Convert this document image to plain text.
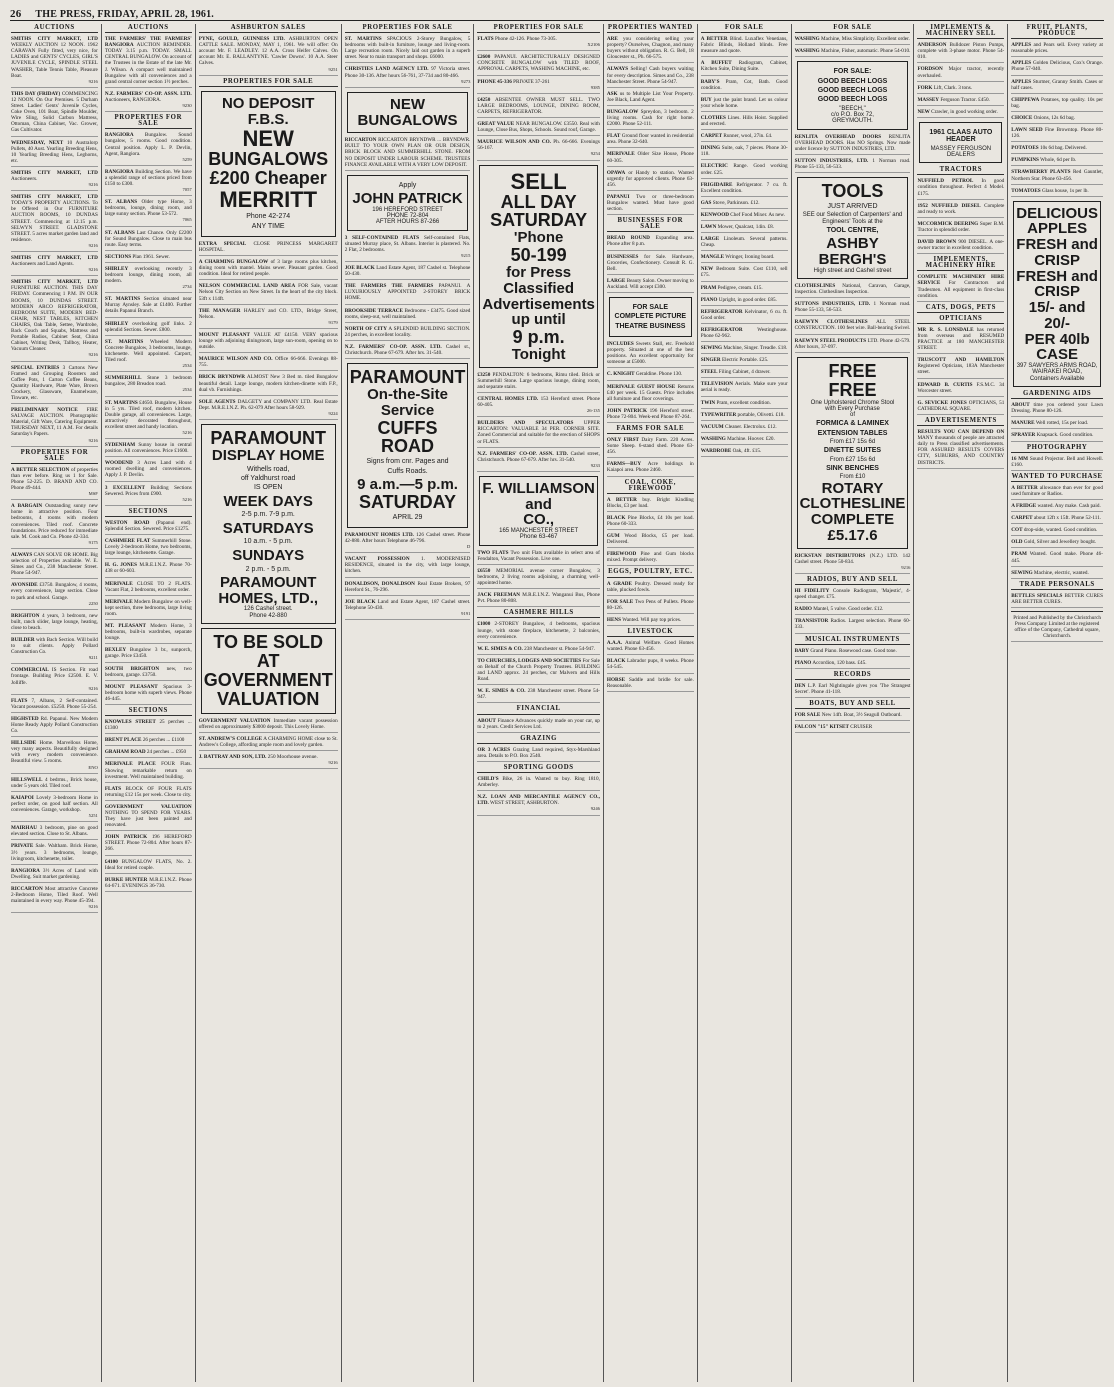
26 THE PRESS, FRIDAY, APRIL 28, 1961.
AUCTIONS
SMITHS CITY MARKET, LTD WEEKLY AUCTION 12 NOON. 1962 CARAVAN Fully fitted, very nice, for LADIES and GENTS' CYCLES, GIRL'S JUVENILE CYCLE, SPINDLE STEEL WASHER, Table Tennis Table, Pleasure Boat.
9216
THIS DAY (FRIDAY) COMMENCING 12 NOON. On Our Premises. 5 Durham Street. Ladies' Gents' Juvenile Cycles, Coke Oven, 101 Boat, Spindle Moulder, Wire Sling, Solid Carbon Mattress, Ottoman, China Cabinet, Vac. Grower, Gas Cultivator.
WEDNESDAY, NEXT 10 Australorp Pullets, 40 Aust. Yearling Breeding Hens, 10 Yearling Breeding Hens, Leghorns, etc.
SMITHS CITY MARKET, LTD Auctioneers.
9216
SMITHS CITY MARKET, LTD TODAY'S PROPERTY AUCTIONS. To be Offered in Our FURNITURE AUCTION ROOMS, 10 DUNDAS STREET. Commencing at 12.15 p.m. SELWYN STREET. GLADSTONE STREET. 5 acres market garden land and residence.
9216
SMITHS CITY MARKET, LTD Auctioneers and Land Agents.
9216
SMITHS CITY MARKET, LTD FURNITURE AUCTION. THIS DAY FRIDAY. Commencing 1 P.M. IN OUR ROOMS, 10 DUNDAS STREET. MODERN ARCO REFRIGERATOR, BEDROOM SUITE, MODERN BED-CHAIR, NEST TABLES, KITCHEN CHAIRS, Oak Table, Settee, Wardrobe, Back Couch and Squabs, Mattress and Portable Radios, Cabinet Seat, China Cabinet, Writing Desk, Tallboy, Heater, Vacuum Cleaner.
9216
SPECIAL ENTRIES 3 Cartons New Framed and Grouping Roosters and Coffee Pots, 1 Carton Coffee Beans, Quantity Hardware, Plate Ware, Brown Crockery, Glassware, Enamelware, Tinware, etc.
PRELIMINARY NOTICE FIRE SALVAGE AUCTION. Photographic Material, Gift Ware, Catering Equipment. THURSDAY NEXT, 11 A.M. For details Saturday's Papers.
9216
PROPERTIES FOR SALE
A BETTER SELECTION of properties than ever before. Ring us 1 for Sale. Phone 52-225. D. BRAND AND CO. Phone 49-444.
MSF
A BARGAIN Outstanding sunny new home in attractive position. Four bedrooms, 4 rooms with modern conveniences. Tiled roof. Concrete foundations. Price reduced for immediate sale. M. Cook and Co. Phone 42-334.
9175
ALWAYS CAN SOLVE OR HOME. Big selection of Properties available. W. E. Simes and Co., 238 Manchester Street. Phone 54-947.
AVONSIDE £3750. Bungalow, 4 rooms, every convenience, large section. Close to park and school. Garage.
2250
BRIGHTON 4 years, 3 bedroom, new built, ranch slider, large lounge, heating, close to beach.
BUILDER with Bach Section. Will build to suit clients. Apply Pollard Construction Co.
9211
COMMERCIAL IS Section. Fit road frontage. Building Price £2500. E. V. Jolliffe.
9216
FLATS 7, Albans, 2 Self-contained. Vacant possession. £5250. Phone 55-254.
HIGHSTED Rd. Papanui. New Modern Home Ready Apply Pollard Construction Co.
HILLSIDE Home. Marvellous Home, very many aspects. Beautifully designed with every modern convenience. Beautiful view. 5 rooms.
ENO
HILLSWELL 4 bedrms., Brick house, under 5 years old. Tiled roof.
KAIAPOI Lovely 3-bedroom Home in perfect order, on good half section. All conveniences. Garage, workshop.
5251
MAIRHAU 3 bedroom, pine on good elevated section. Close to St. Albans.
PRIVATE Sale. Waltham. Brick Home, 3½ years. 3 bedrooms, lounge, livingroom, kitchenette, toilet.
RANGIORA 3½ Acres of Land with Dwelling. Suit market gardening.
RICCARTON Most attractive Concrete 2-Bedroom Home, Tiled Roof. Well maintained in every way. Phone 45-394.
9216
AUCTIONS
THE FARMERS' THE FARMERS' RANGIORA AUCTION REMINDER. TODAY 3.15 p.m. TODAY. SMALL CENTRAL BUNGALOW. On account of the Trustees in the Estate of the late Mr. J. Wilson. A compact well maintained Bungalow with all conveniences and a grand central corner section 1½ perches.
N.Z. FARMERS' CO-OP. ASSN. LTD. Auctioneers, RANGIORA.
9230
PROPERTIES FOR SALE
RANGIORA Bungalow. Sound bungalow, 5 rooms. Good condition. Central position. Apply L. P. Devlin, Agent, Rangiora.
5259
RANGIORA Building Section. We have a splendid range of sections priced from £150 to £300.
7057
ST. ALBANS Older type Home, 3 bedrooms, lounge, dining room, and large sunny section. Phone 53-572.
7065
ST. ALBANS Last Chance. Only £2200 for Sound Bungalow. Close to main bus route. Easy terms.
SECTIONS Plan 1961. Sewer.
SHIRLEY overlooking recently 3 bedroom lounge, dining room, all modern.
2734
ST. MARTINS Section situated near Murray Aynsley. Sale at £1400. Further details Papanui Branch.
SHIRLEY overlooking golf links. 2 splendid Sections. Sewer. £800.
ST. MARTINS Wheeled Modern Concrete Bungalow, 3 bedrooms, lounge, kitchenette. Well appointed. Carport, Tiled roof.
2534
SUMMERHILL Stone 3 bedroom bungalow, 280 Breadon road.
2534
ST. MARTINS £4650. Bungalow, House in 5 yrs. Tiled roof, modern kitchen. Double garage, all conveniences. Large, attractively decorated throughout, excellent street and handy location.
5216
SYDENHAM Sunny house in central position. All conveniences. Price £1600.
WOODEND 3 Acres Land with 4 roomed dwelling and conveniences. Apply J. P. Devlin.
3 EXCELLENT Building Sections Sewered. Prices from £900.
5216
SECTIONS
WESTON ROAD (Papanui end). Splendid Section. Sewered. Price £1275.
CASHMERE FLAT Summerhill Stone. Lovely 2-bedroom Home, two bedrooms, large lounge, kitchenette. Garage.
H. G. JONES M.R.E.I.N.Z. Phone 70-438 or 60-603.
MERIVALE CLOSE TO 2 FLATS. Vacant Flat, 2 bedrooms, excellent order.
MERIVALE Modern Bungalow on well-kept section, three bedrooms, large living room.
MT. PLEASANT Modern Home, 3 bedrooms, built-in wardrobes, separate lounge.
BEXLEY Bungalow 3 br., sunporch, garage. Price £3450.
SOUTH BRIGHTON new, two bedroom, garage. £3750.
MOUNT PLEASANT Spacious 3-bedroom home with superb views. Phone 46-445.
SECTIONS
KNOWLES STREET 25 perches ... £1300
BRENT PLACE 26 perches ... £1100
GRAHAM ROAD 24 perches ... £950
MERIVALE PLACE FOUR Flats. Showing remarkable return on investment. Well maintained building.
FLATS BLOCK OF FOUR FLATS returning £12 15s per week. Close to city.
GOVERNMENT VALUATION NOTHING TO SPEND FOR YEARS. They have just been painted and renovated.
JOHN PATRICK 196 HEREFORD STREET. Phone 72-804. After hours 87-266.
£4100 BUNGALOW FLATS, No. 2. Ideal for retired couple.
BURKE HUNTER M.R.E.I.N.Z. Phone 64-671. EVENINGS 36-730.
ASHBURTON SALES
PYNE, GOULD, GUINNESS LTD. ASHBURTON OPEN CATTLE SALE. MONDAY, MAY 1, 1961. We will offer: On account Mr. F. LEADLEY. 12 A.A. Cross Heifer Calves. On account Mr. E. BALLANTYNE. 'Cawler Downs'. 10 A.A. Steer Calves.
9251
PROPERTIES FOR SALE
NO DEPOSIT F.B.S.
NEW
BUNGALOWS
£200 Cheaper
MERRITT
Phone 42-274
ANY TIME
EXTRA SPECIAL CLOSE PRINCESS MARGARET HOSPITAL.
A CHARMING BUNGALOW of 3 large rooms plus kitchen, dining room with mantel. Mains sewer. Pleasant garden. Good condition. Ideal for retired people.
NELSON COMMERCIAL LAND AREA FOR Sale, vacant Nelson City Section on New Street. In the heart of the city block. 53ft x 114ft.
THE MANAGER HARLEY and CO. LTD., Bridge Street, Nelson.
9179
MOUNT PLEASANT VALUE AT £4150. VERY spacious lounge with adjoining diningroom, large sun-room, opening on to outside.
MAURICE WILSON AND CO. Office 66-666. Evenings 88-755.
BRICK BRYNDWR ALMOST New 3 Bed m. tiled Bungalow beautiful detail. Large lounge, modern kitchen-dinette with F.P., dual vb. Furnishings.
SOLE AGENTS DALGETY and COMPANY LTD. Real Estate Dept. M.R.E.I.N.Z. Ph. 62-079 After hours 58-929.
9224
PARAMOUNT
DISPLAY HOME
Withells road,
off Yaldhurst road
IS OPEN
WEEK DAYS
2-5 p.m. 7-9 p.m.
SATURDAYS
10 a.m. - 5 p.m.
SUNDAYS
2 p.m. - 5 p.m.
PARAMOUNT
HOMES, LTD.,
126 Cashel street.
Phone 42-880
TO BE SOLD
AT
GOVERNMENT
VALUATION
GOVERNMENT VALUATION Immediate vacant possession offered on approximately $3000 deposit. This Lovely Home.
ST. ANDREW'S COLLEGE A CHARMING HOME close to St. Andrew's College, affording ample room and lovely garden.
J. BATTRAY AND SON, LTD. 250 Moorhouse avenue.
9216
PROPERTIES FOR SALE
ST. MARTINS SPACIOUS 2-Storey Bungalow, 5 bedrooms with built-in furniture, lounge and living-room. Large recreation room. Nicely laid out garden in a superb street. Near to main transport and shops. £6000.
CHRISTIES LAND AGENCY LTD. 97 Victoria street. Phone 30-136. After hours 56-761, 37-734 and 80-466.
9273
NEW BUNGALOWS
RICCARTON RICCARTON BRYNDWR ... BRYNDWR. BUILT TO YOUR OWN PLAN OR OUR DESIGN, BRICK BLOCK AND SUMMERHILL STONE. FROM NO DEPOSIT UNDER LABOUR SCHEME. TRUSTEES FINANCE AVAILABLE WITH A VERY LOW DEPOSIT.
Apply
JOHN PATRICK
196 HEREFORD STREET
PHONE 72-804
AFTER HOURS 87-266
3 SELF-CONTAINED FLATS Self-contained Flats, situated Murray place, St. Albans. Interior is plastered. No. 2 Flat, 2 bedrooms.
9215
JOE BLACK Land Estate Agent, 187 Cashel st. Telephone 50-430.
THE FARMERS THE FARMERS PAPANUI. A LUXURIOUSLY APPOINTED 2-STOREY BRICK HOME.
BROOKSIDE TERRACE Bedrooms - £3475. Good sized rooms, sleep-out, well maintained.
NORTH OF CITY A SPLENDID BUILDING SECTION. 24 perches, in excellent locality.
N.Z. FARMERS' CO-OP. ASSN. LTD. Cashel st., Christchurch. Phone 67-679. After hrs. 31-540.
PARAMOUNT
On-the-Site
Service
CUFFS ROAD
Signs from cnr. Pages and
Cuffs Roads.
9 a.m.—5 p.m.
SATURDAY
APRIL 29
PARAMOUNT HOMES LTD. 126 Cashel street. Phone 42-880. After hours Telephone 46-796.
D
VACANT POSSESSION 1. MODERNISED RESIDENCE, situated in the city, with large lounge, kitchen.
DONALDSON, DONALDSON Real Estate Brokers, 97 Hereford St., 76-296.
JOE BLACK Land and Estate Agent, 187 Cashel street. Telephone 50-430.
9191
PROPERTIES FOR SALE
FLATS Phone 42-126. Phone 73-305.
X2106
£2600 PAPANUI. ARCHITECTURALLY DESIGNED CONCRETE BUNGALOW with TILED ROOF, APPROVAL CARPETS, WASHING MACHINE, etc.
PHONE 45-336 PRIVATE 37-261
9385
£4250 ABSENTEE OWNER MUST SELL. TWO LARGE BEDROOMS, LOUNGE, DINING ROOM, CARPETS, REFRIGERATOR.
GREAT VALUE NEAR BUNGALOW. £3550. Real with Lounge, Close Bus, Shops, Schools. Sound roof, Garage.
MAURICE WILSON AND CO. Ph. 66-666. Evenings 56-167.
9254
SELL
ALL DAY
SATURDAY
'Phone
50-199
for Press
Classified
Advertisements
up until
9 p.m.
Tonight
£3250 PENDALTON: 6 bedrooms, Rimu tiled. Brick or Summerhill Stone. Large spacious lounge, dining room, and separate stairs.
CENTRAL HOMES LTD. 153 Hereford street. Phone 60-405.
26-135
BUILDERS AND SPECULATORS UPPER RICCARTON: VALUABLE 34 PER. CORNER SITE. Zoned Commercial and suitable for the erection of SHOPS or FLATS.
N.Z. FARMERS' CO-OP. ASSN. LTD. Cashel street, Christchurch. Phone 67-679. After hrs. 31-540.
9233
F. WILLIAMSON and
CO.,
165 MANCHESTER STREET
Phone 63-467
TWO FLATS Two unit Flats available in select area of Fendalton, Vacant Possession. Live one.
£6550 MEMORIAL avenue corner Bungalow, 3 bedrooms, 2 living rooms adjoining, a charming well-appointed home.
JACK FREEMAN M.R.E.I.N.Z. Wanganui Bus, Phone Pvt. Phone 80-808.
CASHMERE HILLS
£1000 2-STOREY Bungalow, 4 bedrooms, spacious lounge, with stone fireplace, kitchenette, 2 balconies, every convenience.
W. E. SIMES & CO. 238 Manchester st. Phone 54-947.
TO CHURCHES, LODGES AND SOCIETIES For Sale on Behalf of the Church Property Trustees. BUILDING and LAND approx. 24 perches, cnr Malvern and Hills Road.
W. E. SIMES & CO. 238 Manchester street. Phone 54-947.
FINANCIAL
ABOUT Finance Advances quickly made on your car, up to 2 years. Credit Services Ltd.
GRAZING
OR 3 ACRES Grazing Land required, Styx-Marshland area. Details to P.O. Box 2540.
SPORTING GOODS
CHILD'S Bike, 26 in. Wanted to buy. Ring 1810, Amberley.
N.Z. LOAN AND MERCANTILE AGENCY CO., LTD. WEST STREET, ASHBURTON.
9246
PROPERTIES WANTED
ARE you considering selling your property? Ourselves, Chagnon, and many buyers without obligation. R. G. Bell, 18 Gloucester st., Ph. 66-575.
ALWAYS Selling! Cash buyers waiting for every description. Simes and Co., 238 Manchester Street. Phone 54-947.
ASK us to Multiple List Your Property. Joe Black, Land Agent.
BUNGALOW Spreydon, 3 bedroom. 2 living rooms. Cash for right home. £2000. Phone 52-111.
FLAT Ground floor wanted in residential area. Phone 32-640.
MERIVALE Older Size House, Phone 60-305.
OPAWA or Handy to station. Wanted urgently for approved clients. Phone 63-456.
PAPANUI Two or three-bedroom Bungalow wanted. Must have good section.
BUSINESSES FOR SALE
BREAD ROUND Expanding area. Phone after 8 p.m.
BUSINESSES for Sale. Hardware, Groceries, Confectionery. Consult R. G. Bell.
LARGE Beauty Salon. Owner moving to Auckland. Will accept £300.
FOR SALE
COMPLETE PICTURE
THEATRE BUSINESS
INCLUDES Sweets Stall, etc. Freehold property. Situated at one of the best positions. An excellent opportunity for someone at £5000.
C. KNIGHT Geraldine. Phone 130.
MERIVALE GUEST HOUSE Returns £40 per week. 15 Guests. Price includes all furniture and floor coverings.
JOHN PATRICK 196 Hereford street. Phone 72-804. Week-end Phone 87-264.
FARMS FOR SALE
ONLY FIRST Dairy Farm. 220 Acres. Some Sheep. 6-stand shed. Phone 63-456.
FARMS—BUY Acre holdings in Kaiapoi area. Phone 2460.
COAL, COKE, FIREWOOD
A BETTER buy. Bright Kindling Blocks, £3 per load.
BLACK Pine Blocks, £4 10s per load. Phone 60-333.
GUM Wood Blocks, £5 per load. Delivered.
FIREWOOD Pine and Gum blocks mixed. Prompt delivery.
EGGS, POULTRY, ETC.
A GRADE Poultry. Dressed ready for table, plucked fowls.
FOR SALE Two Pens of Pullets. Phone 80-126.
HENS Wanted. Will pay top prices.
LIVESTOCK
A.A.A. Animal Welfare. Good Homes wanted. Phone 63-456.
BLACK Labrador pups, 8 weeks. Phone 54-545.
HORSE Saddle and bridle for sale. Reasonable.
FOR SALE
A BETTER Blind. Luxaflex Venetians, Fabric Blinds, Holland blinds. Free measure and quote.
A BUFFET Radiogram, Cabinet, Kitchen Suite, Dining Suite.
BABY'S Pram, Cot, Bath. Good condition.
BUY just the paint brand. Let us colour your whole home.
CLOTHES Lines. Hills Hoist. Supplied and erected.
CARPET Runner, wool, 27in. £4.
DINING Suite, oak, 7 pieces. Phone 30-118.
ELECTRIC Range. Good working order. £25.
FRIGIDAIRE Refrigerator. 7 cu. ft. Excellent condition.
GAS Stove, Parkinson. £12.
KENWOOD Chef Food Mixer. As new.
LAWN Mower, Qualcast, 14in. £8.
LARGE Linoleum. Several patterns. Cheap.
MANGLE Wringer, Ironing board.
NEW Bedroom Suite. Cost £110, sell £75.
PRAM Pedigree, cream. £15.
PIANO Upright, in good order. £85.
REFRIGERATOR Kelvinator, 6 cu. ft. Good order.
REFRIGERATOR Westinghouse. Phone 62-962.
SEWING Machine, Singer. Treadle. £18.
SINGER Electric Portable. £25.
STEEL Filing Cabinet, 4 drawer.
TELEVISION Aerials. Make sure your aerial is ready.
TWIN Pram, excellent condition.
TYPEWRITER portable, Olivetti. £18.
VACUUM Cleaner. Electrolux. £12.
WASHING Machine. Hoover. £20.
WARDROBE Oak, 4ft. £15.
FOR SALE
WASHING Machine, Miss Simplicity. Excellent order.
WASHING Machine, Fisher, automatic. Phone 54-010.
FOR SALE:
GOOD BEECH LOGS
GOOD BEECH LOGS
GOOD BEECH LOGS
"BEECH,"
c/o P.O. Box 72,
GREYMOUTH.
RENLITA OVERHEAD DOORS RENLITA OVERHEAD DOORS. Has NO Springs. Now made under licence by SUTTON INDUSTRIES, LTD.
SUTTON INDUSTRIES, LTD. 1 Norman road. Phone 55-133, 56-533.
TOOLS
JUST ARRIVED
SEE our Selection of Carpenters' and Engineers' Tools at the
TOOL CENTRE,
ASHBY BERGH'S
High street and Cashel street
CLOTHESLINES National, Caravan, Garage, Inspection. Clotheslines Inspection.
SUTTONS INDUSTRIES, LTD. 1 Norman road. Phone 55-133, 56-533.
RAEWYN CLOTHESLINES ALL STEEL CONSTRUCTION. 100 feet wire. Ball-bearing Swivel.
RAEWYN STEEL PRODUCTS LTD. Phone 42-579. After hours, 37-097.
FREE
FREE
One Upholstered Chrome Stool
with Every Purchase
of
FORMICA & LAMINEX
EXTENSION TABLES
From £17 15s 6d
DINETTE SUITES
From £27 15s 6d
SINK BENCHES
From £10
ROTARY
CLOTHESLINE
COMPLETE £5.17.6
RICKSTAN DISTRIBUTORS (N.Z.) LTD. 142 Cashel street. Phone 50-834.
9216
RADIOS, BUY AND SELL
HI FIDELITY Console Radiogram, 'Majestic', 4-speed changer. £75.
RADIO Mantel, 5 valve. Good order. £12.
TRANSISTOR Radios. Largest selection. Phone 60-333.
MUSICAL INSTRUMENTS
BABY Grand Piano. Rosewood case. Good tone.
PIANO Accordion, 120 bass. £45.
RECORDS
DEN L.P. Earl Nightingale gives you 'The Strangest Secret'. Phone 41-118.
BOATS, BUY AND SELL
FOR SALE New 14ft. Boat, 3½ Seagull Outboard.
FALCON "15" KITSET CRUISER
IMPLEMENTS & MACHINERY SELL
ANDERSON Bulldozer Piston Pumps, complete with 3-phase motor. Phone 54-010.
FORDSON Major tractor, recently overhauled.
FORK Lift, Clark. 3 tons.
MASSEY Ferguson Tractor. £450.
NEW Crawler, in good working order.
1961 CLAAS AUTO HEADER
MASSEY FERGUSON DEALERS
TRACTORS
NUFFIELD PETROL In good condition throughout. Perfect 4 Model. £175.
1952 NUFFIELD DIESEL Complete and ready to work.
MCCORMICK DEERING Super B.M. Tractor in splendid order.
DAVID BROWN 900 DIESEL. A one-owner tractor in excellent condition.
IMPLEMENTS, MACHINERY HIRE
COMPLETE MACHINERY HIRE SERVICE For Contractors and Tradesmen. All equipment in first-class condition.
CATS, DOGS, PETS
OPTICIANS
MR R. S. LONSDALE has returned from overseas and RESUMED PRACTICE at 180 MANCHESTER STREET.
TRUSCOTT AND HAMILTON Registered Opticians, 183A Manchester street.
EDWARD B. CURTIS F.S.M.C. 34 Worcester street.
G. SEVICKE JONES OPTICIANS, 51 CATHEDRAL SQUARE.
ADVERTISEMENTS
RESULTS YOU CAN DEPEND ON MANY thousands of people are attracted daily to Press classified advertisements. FOR ASSURED RESULTS COVERS CITY, SUBURBS, AND COUNTRY DISTRICTS.
FRUIT, PLANTS, PRODUCE
APPLES and Pears sell. Every variety at reasonable prices.
APPLES Golden Delicious, Cox's Orange. Phone 57-040.
APPLES Sturmer, Granny Smith. Cases or half cases.
CHIPPEWA Potatoes, top quality. 10s per bag.
CHOICE Onions, 12s 6d bag.
LAWN SEED Fine Browntop. Phone 80-126.
POTATOES 10s 6d bag. Delivered.
PUMPKINS Whole, 6d per lb.
STRAWBERRY PLANTS Red Gauntlet, Northern Star. Phone 63-456.
TOMATOES Glass house, 1s per lb.
DELICIOUS APPLES
FRESH and CRISP
FRESH and CRISP
15/- and 20/-
PER 40lb CASE
397 SAWYERS ARMS ROAD,
WAIRAKEI ROAD,
Containers Available
GARDENING AIDS
ABOUT time you ordered your Lawn Dressing. Phone 80-126.
MANURE Well rotted, 15s per load.
SPRAYER Knapsack. Good condition.
PHOTOGRAPHY
16 MM Sound Projector. Bell and Howell. £160.
WANTED TO PURCHASE
A BETTER allowance than ever for good used furniture or Radios.
A FRIDGE wanted. Any make. Cash paid.
CARPET about 12ft x 15ft. Phone 52-111.
COT drop-side, wanted. Good condition.
OLD Gold, Silver and Jewellery bought.
PRAM Wanted. Good make. Phone 46-445.
SEWING Machine, electric, wanted.
TRADE PERSONALS
BETTLES SPECIALS BETTER CURES ARE BETTER CURES.
Printed and Published by the Christchurch Press Company Limited at the registered office of the Company, Cathedral square, Christchurch.
